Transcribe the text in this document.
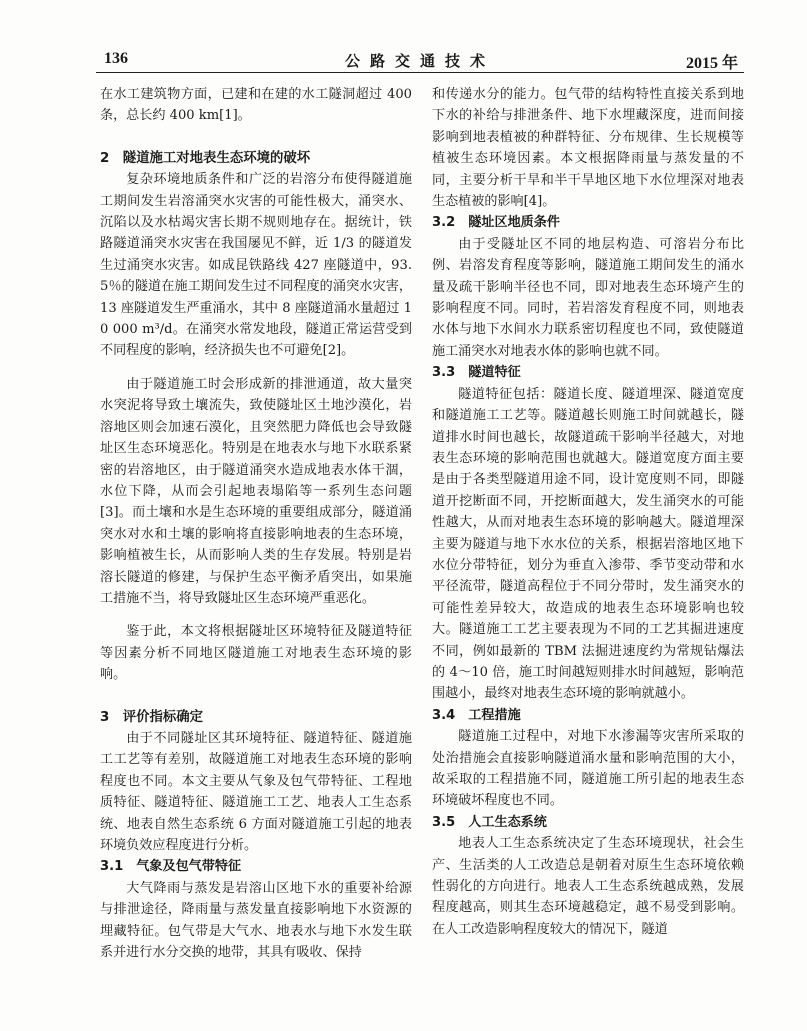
136	公路交通技术	2015 年

在水工建筑物方面，已建和在建的水工隧洞超过 400 条，总长约 400 km[1]。

2　隧道施工对地表生态环境的破坏

复杂环境地质条件和广泛的岩溶分布使得隧道施工期间发生岩溶涌突水灾害的可能性极大，涌突水、沉陷以及水枯竭灾害长期不规则地存在。据统计，铁路隧道涌突水灾害在我国屡见不鲜，近 1/3 的隧道发生过涌突水灾害。如成昆铁路线 427 座隧道中，93.5％的隧道在施工期间发生过不同程度的涌突水灾害，13 座隧道发生严重涌水，其中 8 座隧道涌水量超过 10 000 m³/d。在涌突水常发地段，隧道正常运营受到不同程度的影响，经济损失也不可避免[2]。

由于隧道施工时会形成新的排泄通道，故大量突水突泥将导致土壤流失，致使隧址区土地沙漠化，岩溶地区则会加速石漠化，且突然肥力降低也会导致隧址区生态环境恶化。特别是在地表水与地下水联系紧密的岩溶地区，由于隧道涌突水造成地表水体干涸，水位下降，从而会引起地表塌陷等一系列生态问题[3]。而土壤和水是生态环境的重要组成部分，隧道涌突水对水和土壤的影响将直接影响地表的生态环境，影响植被生长，从而影响人类的生存发展。特别是岩溶长隧道的修建，与保护生态平衡矛盾突出，如果施工措施不当，将导致隧址区生态环境严重恶化。

鉴于此，本文将根据隧址区环境特征及隧道特征等因素分析不同地区隧道施工对地表生态环境的影响。

3　评价指标确定

由于不同隧址区其环境特征、隧道特征、隧道施工工艺等有差别，故隧道施工对地表生态环境的影响程度也不同。本文主要从气象及包气带特征、工程地质特征、隧道特征、隧道施工工艺、地表人工生态系统、地表自然生态系统 6 方面对隧道施工引起的地表环境负效应程度进行分析。

3.1　气象及包气带特征

大气降雨与蒸发是岩溶山区地下水的重要补给源与排泄途径，降雨量与蒸发量直接影响地下水资源的埋藏特征。包气带是大气水、地表水与地下水发生联系并进行水分交换的地带，其具有吸收、保持

和传递水分的能力。包气带的结构特性直接关系到地下水的补给与排泄条件、地下水埋藏深度，进而间接影响到地表植被的种群特征、分布规律、生长规模等植被生态环境因素。本文根据降雨量与蒸发量的不同，主要分析干旱和半干旱地区地下水位埋深对地表生态植被的影响[4]。

3.2　隧址区地质条件

由于受隧址区不同的地层构造、可溶岩分布比例、岩溶发育程度等影响，隧道施工期间发生的涌水量及疏干影响半径也不同，即对地表生态环境产生的影响程度不同。同时，若岩溶发育程度不同，则地表水体与地下水间水力联系密切程度也不同，致使隧道施工涌突水对地表水体的影响也就不同。

3.3　隧道特征

隧道特征包括：隧道长度、隧道埋深、隧道宽度和隧道施工工艺等。隧道越长则施工时间就越长，隧道排水时间也越长，故隧道疏干影响半径越大，对地表生态环境的影响范围也就越大。隧道宽度方面主要是由于各类型隧道用途不同，设计宽度则不同，即隧道开挖断面不同，开挖断面越大，发生涌突水的可能性越大，从而对地表生态环境的影响越大。隧道埋深主要为隧道与地下水水位的关系，根据岩溶地区地下水位分带特征，划分为垂直入渗带、季节变动带和水平径流带，隧道高程位于不同分带时，发生涌突水的可能性差异较大，故造成的地表生态环境影响也较大。隧道施工工艺主要表现为不同的工艺其掘进速度不同，例如最新的 TBM 法掘进速度约为常规钻爆法的 4～10 倍，施工时间越短则排水时间越短，影响范围越小，最终对地表生态环境的影响就越小。

3.4　工程措施

隧道施工过程中，对地下水渗漏等灾害所采取的处治措施会直接影响隧道涌水量和影响范围的大小，故采取的工程措施不同，隧道施工所引起的地表生态环境破坏程度也不同。

3.5　人工生态系统

地表人工生态系统决定了生态环境现状，社会生产、生活类的人工改造总是朝着对原生生态环境依赖性弱化的方向进行。地表人工生态系统越成熟，发展程度越高，则其生态环境越稳定，越不易受到影响。在人工改造影响程度较大的情况下，隧道
